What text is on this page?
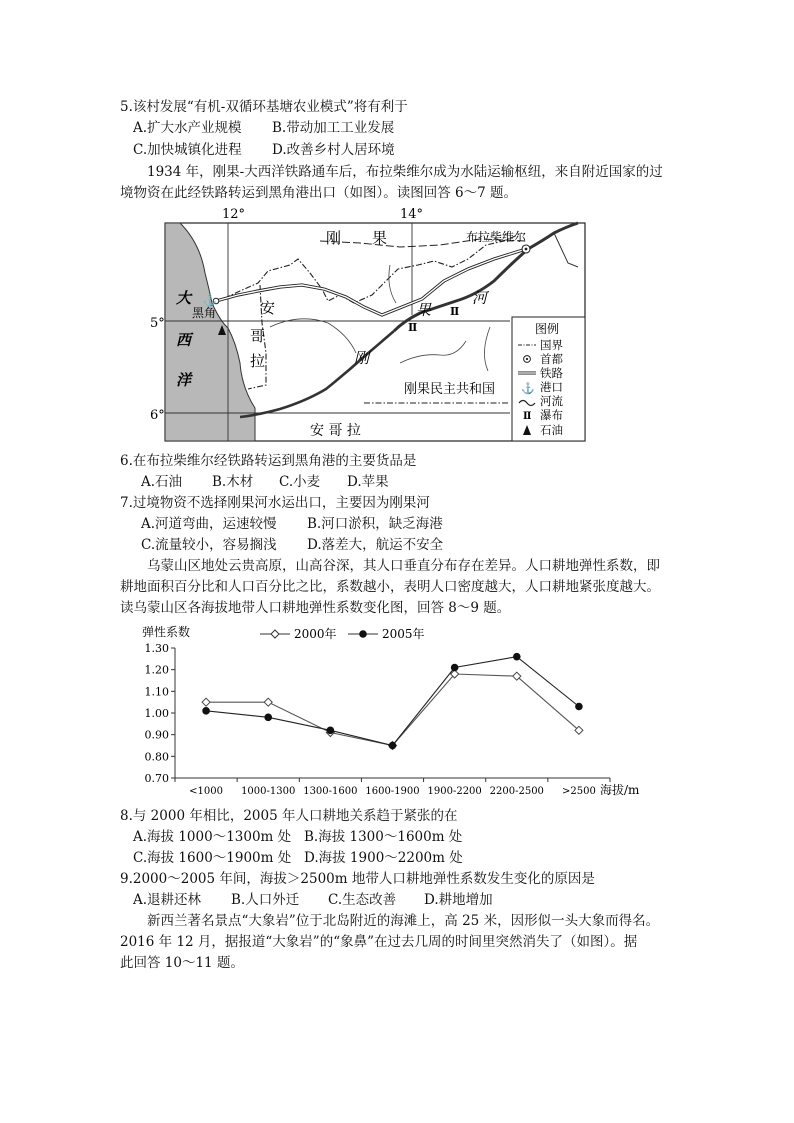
5.该村发展“有机-双循环基塘农业模式”将有利于
A.扩大水产业规模 B.带动加工工业发展
C.加快城镇化进程 D.改善乡村人居环境
1934 年，刚果-大西洋铁路通车后，布拉柴维尔成为水陆运输枢纽，来自附近国家的过
境物资在此经铁路转运到黑角港出口（如图）。读图回答 6～7 题。
12°	14°
5°
6°
Ⅱ
Ⅱ
布拉柴维尔
⚓
黑角
大
西
洋
刚 果
安
哥
拉
果
河
刚
刚果民主共和国
安 哥 拉
图例
国界
首都
铁路
⚓ 港口
河流
Ⅱ 瀑布
石油
6.在布拉柴维尔经铁路转运到黑角港的主要货品是
A.石油 B.木材 C.小麦 D.苹果
7.过境物资不选择刚果河水运出口，主要因为刚果河
A.河道弯曲，运速较慢 B.河口淤积，缺乏海港
C.流量较小，容易搁浅 D.落差大，航运不安全
乌蒙山区地处云贵高原，山高谷深，其人口垂直分布存在差异。人口耕地弹性系数，即
耕地面积百分比和人口百分比之比，系数越小，表明人口密度越大，人口耕地紧张度越大。
读乌蒙山区各海拔地带人口耕地弹性系数变化图，回答 8～9 题。
弹性系数	2000年	2005年
0.70
0.80
0.90
1.00
1.10
1.20
1.30
<1000 1000-1300 1300-1600 1600-1900 1900-2200 2200-2500 >2500 海拔/m
8.与 2000 年相比，2005 年人口耕地关系趋于紧张的在
A.海拔 1000～1300m 处 B.海拔 1300～1600m 处
C.海拔 1600～1900m 处 D.海拔 1900～2200m 处
9.2000～2005 年间，海拔＞2500m 地带人口耕地弹性系数发生变化的原因是
A.退耕还林 B.人口外迁 C.生态改善 D.耕地增加
新西兰著名景点“大象岩”位于北岛附近的海滩上，高 25 米，因形似一头大象而得名。
2016 年 12 月，据报道“大象岩”的“象鼻”在过去几周的时间里突然消失了（如图）。据
此回答 10～11 题。
